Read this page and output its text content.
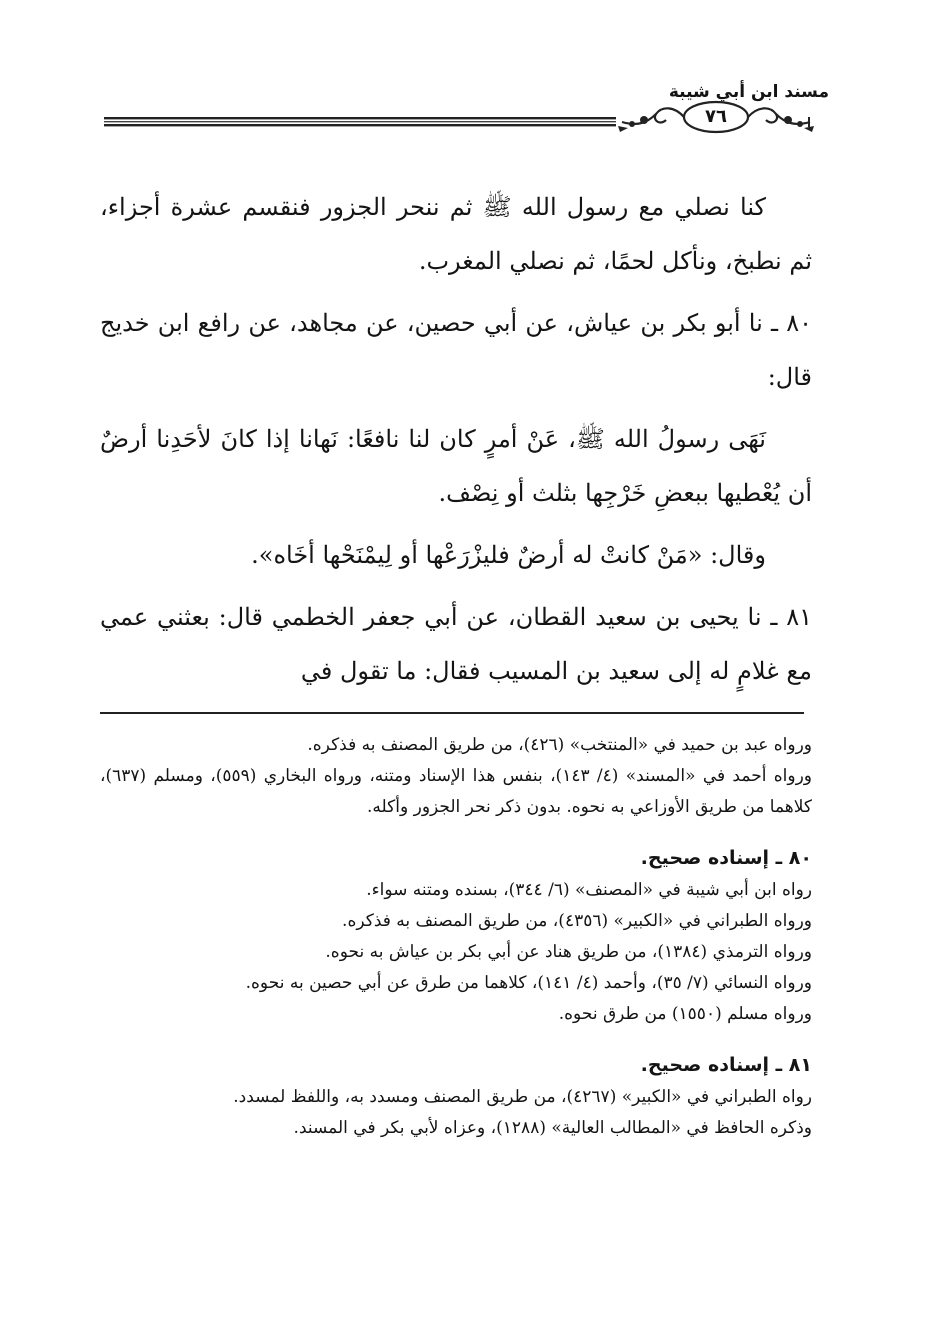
مسند ابن أبي شيبة
٧٦

كنا نصلي مع رسول الله ﷺ ثم ننحر الجزور فنقسم عشرة أجزاء، ثم نطبخ، ونأكل لحمًا، ثم نصلي المغرب.

٨٠ ـ نا أبو بكر بن عياش، عن أبي حصين، عن مجاهد، عن رافع ابن خديج قال:

نَهَى رسولُ الله ﷺ، عَنْ أمرٍ كان لنا نافعًا: نَهانا إذا كانَ لأحَدِنا أرضٌ أن يُعْطيها ببعضِ خَرْجِها بثلث أو نِصْف.

وقال: «مَنْ كانتْ له أرضٌ فليزْرَعْها أو لِيمْنَحْها أخَاه».

٨١ ـ نا يحيى بن سعيد القطان، عن أبي جعفر الخطمي قال: بعثني عمي مع غلامٍ له إلى سعيد بن المسيب فقال: ما تقول في

ورواه عبد بن حميد في «المنتخب» (٤٢٦)، من طريق المصنف به فذكره.

ورواه أحمد في «المسند» (٤/ ١٤٣)، بنفس هذا الإسناد ومتنه، ورواه البخاري (٥٥٩)، ومسلم (٦٣٧)، كلاهما من طريق الأوزاعي به نحوه. بدون ذكر نحر الجزور وأكله.

٨٠ ـ إسناده صحيح.

رواه ابن أبي شيبة في «المصنف» (٦/ ٣٤٤)، بسنده ومتنه سواء.

ورواه الطبراني في «الكبير» (٤٣٥٦)، من طريق المصنف به فذكره.

ورواه الترمذي (١٣٨٤)، من طريق هناد عن أبي بكر بن عياش به نحوه.

ورواه النسائي (٧/ ٣٥)، وأحمد (٤/ ١٤١)، كلاهما من طرق عن أبي حصين به نحوه.

ورواه مسلم (١٥٥٠) من طرق نحوه.

٨١ ـ إسناده صحيح.

رواه الطبراني في «الكبير» (٤٢٦٧)، من طريق المصنف ومسدد به، واللفظ لمسدد.

وذكره الحافظ في «المطالب العالية» (١٢٨٨)، وعزاه لأبي بكر في المسند.
